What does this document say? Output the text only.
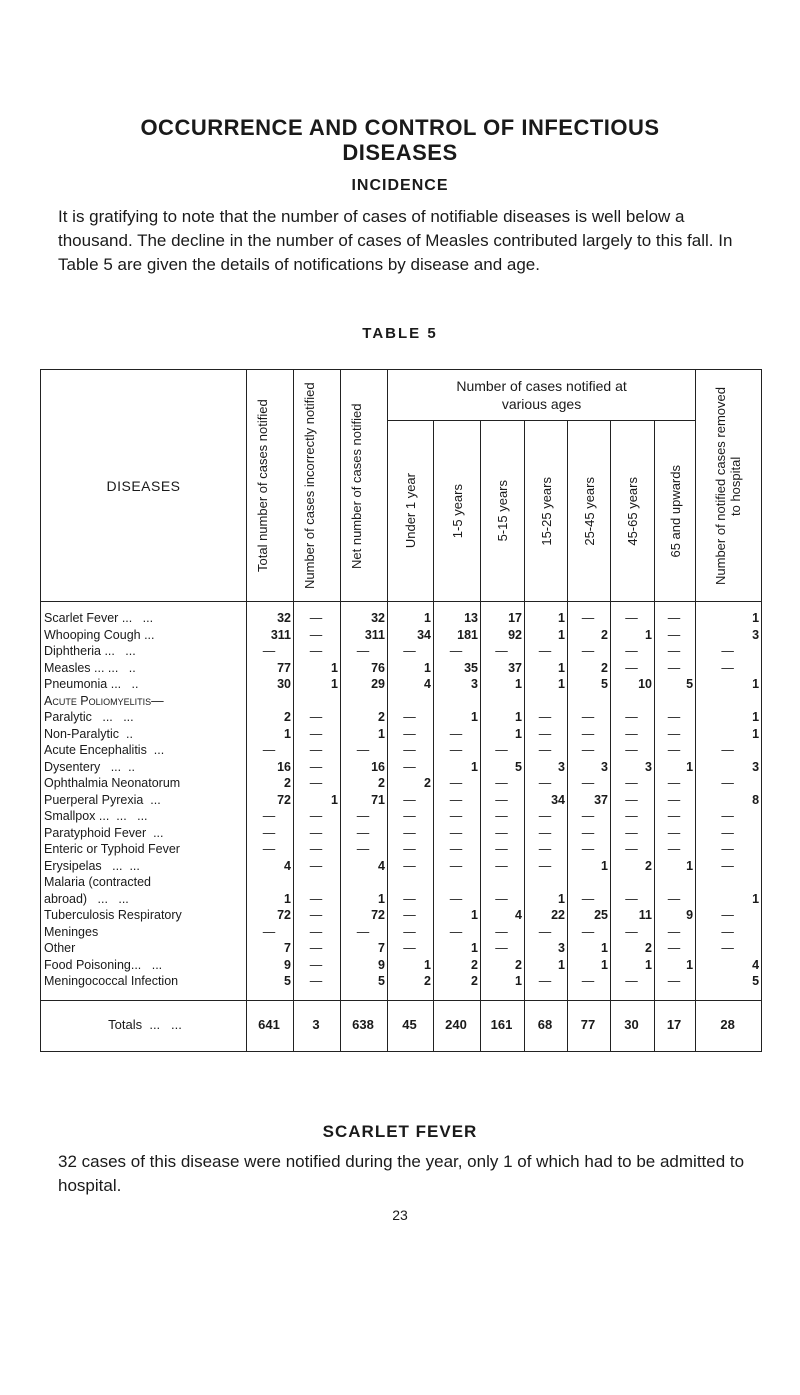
OCCURRENCE AND CONTROL OF INFECTIOUS
DISEASES
INCIDENCE

It is gratifying to note that the number of cases of notifiable diseases is well below a thousand. The decline in the number of cases of Measles contributed largely to this fall. In Table 5 are given the details of notifications by disease and age.

TABLE 5

DISEASES	Total number of cases notified	Number of cases incorrectly notified	Net number of cases notified	Number of cases notified at various ages							Number of notified cases removed to hospital

				Under 1 year	1-5 years	5-15 years	15-25 years	25-45 years	45-65 years	65 and upwards	

Scarlet Fever ...   ...	32	—	32	1	13	17	1	—	—	—	1
Whooping Cough ...	311	—	311	34	181	92	1	2	1	—	3
Diphtheria ...   ...	—	—	—	—	—	—	—	—	—	—	—
Measles ... ...   ..	77	1	76	1	35	37	1	2	—	—	—
Pneumonia ...   ..	30	1	29	4	3	1	1	5	10	5	1
Acute Poliomyelitis—											
Paralytic   ...   ...	2	—	2	—	1	1	—	—	—	—	1
Non-Paralytic  ..	1	—	1	—	—	1	—	—	—	—	1
Acute Encephalitis  ...	—	—	—	—	—	—	—	—	—	—	—
Dysentery   ...  ..	16	—	16	—	1	5	3	3	3	1	3
Ophthalmia Neonatorum	2	—	2	2	—	—	—	—	—	—	—
Puerperal Pyrexia  ...	72	1	71	—	—	—	34	37	—	—	8
Smallpox ...  ...   ...	—	—	—	—	—	—	—	—	—	—	—
Paratyphoid Fever  ...	—	—	—	—	—	—	—	—	—	—	—
Enteric or Typhoid Fever	—	—	—	—	—	—	—	—	—	—	—
Erysipelas   ...  ...	4	—	4	—	—	—	—	1	2	1	—
Malaria (contracted											
abroad)   ...   ...	1	—	1	—	—	—	1	—	—	—	1
Tuberculosis Respiratory	72	—	72	—	1	4	22	25	11	9	—
Meninges	—	—	—	—	—	—	—	—	—	—	—
Other	7	—	7	—	1	—	3	1	2	—	—
Food Poisoning...   ...	9	—	9	1	2	2	1	1	1	1	4
Meningococcal Infection	5	—	5	2	2	1	—	—	—	—	5

Totals  ...   ...	641	3	638	45	240	161	68	77	30	17	28
SCARLET FEVER

32 cases of this disease were notified during the year, only 1 of which had to be admitted to hospital.

23
